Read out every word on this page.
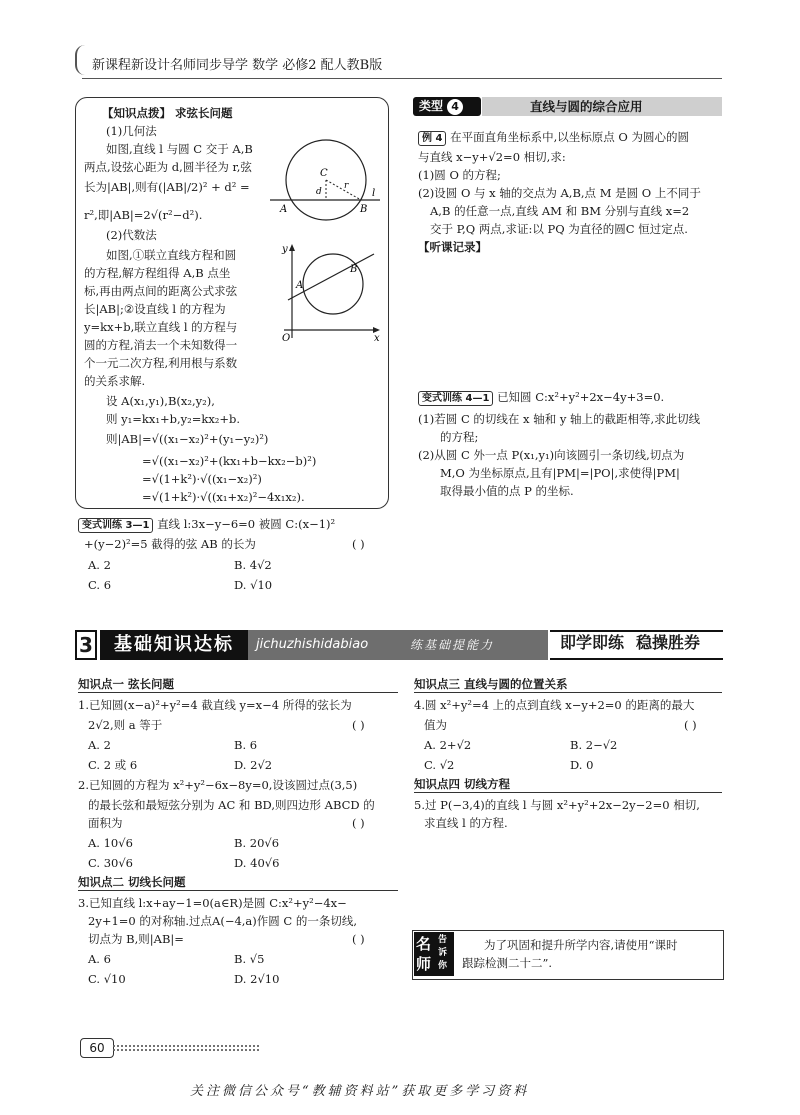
新课程新设计名师同步导学 数学 必修2 配人教B版
【知识点拨】 求弦长问题
(1)几何法
如图,直线 l 与圆 C 交于 A,B
两点,设弦心距为 d,圆半径为 r,弦
长为|AB|,则有(|AB|/2)² + d² =
r²,即|AB|=2√(r²−d²).
(2)代数法
如图,①联立直线方程和圆
的方程,解方程组得 A,B 点坐
标,再由两点间的距离公式求弦
长|AB|;②设直线 l 的方程为
y=kx+b,联立直线 l 的方程与
圆的方程,消去一个未知数得一
个一元二次方程,利用根与系数
的关系求解.
设 A(x₁,y₁),B(x₂,y₂),
则 y₁=kx₁+b,y₂=kx₂+b.
则|AB|=√((x₁−x₂)²+(y₁−y₂)²)
=√((x₁−x₂)²+(kx₁+b−kx₂−b)²)
=√(1+k²)·√((x₁−x₂)²)
=√(1+k²)·√((x₁+x₂)²−4x₁x₂).
C
d
r
A	B
l
y
A
B
O	x
变式训练 3—1 直线 l:3x−y−6=0 被圆 C:(x−1)²
+(y−2)²=5 截得的弦 AB 的长为	( )
A. 2	B. 4√2
C. 6	D. √10
类型 4	直线与圆的综合应用
例 4 在平面直角坐标系中,以坐标原点 O 为圆心的圆
与直线 x−y+√2=0 相切,求:
(1)圆 O 的方程;
(2)设圆 O 与 x 轴的交点为 A,B,点 M 是圆 O 上不同于
A,B 的任意一点,直线 AM 和 BM 分别与直线 x=2
交于 P,Q 两点,求证:以 PQ 为直径的圆C 恒过定点.
【听课记录】
变式训练 4—1 已知圆 C:x²+y²+2x−4y+3=0.
(1)若圆 C 的切线在 x 轴和 y 轴上的截距相等,求此切线
的方程;
(2)从圆 C 外一点 P(x₁,y₁)向该圆引一条切线,切点为
M,O 为坐标原点,且有|PM|=|PO|,求使得|PM|
取得最小值的点 P 的坐标.
3	基础知识达标	jichuzhishidabiao	练基础提能力	即学即练 稳操胜券
知识点一 弦长问题
1.已知圆(x−a)²+y²=4 截直线 y=x−4 所得的弦长为
2√2,则 a 等于	( )
A. 2	B. 6
C. 2 或 6	D. 2√2
2.已知圆的方程为 x²+y²−6x−8y=0,设该圆过点(3,5)
的最长弦和最短弦分别为 AC 和 BD,则四边形 ABCD 的
面积为	( )
A. 10√6	B. 20√6
C. 30√6	D. 40√6
知识点二 切线长问题
3.已知直线 l:x+ay−1=0(a∈R)是圆 C:x²+y²−4x−
2y+1=0 的对称轴.过点A(−4,a)作圆 C 的一条切线,
切点为 B,则|AB|=	( )
A. 6	B. √5
C. √10	D. 2√10
知识点三 直线与圆的位置关系
4.圆 x²+y²=4 上的点到直线 x−y+2=0 的距离的最大
值为	( )
A. 2+√2	B. 2−√2
C. √2	D. 0
知识点四 切线方程
5.过 P(−3,4)的直线 l 与圆 x²+y²+2x−2y−2=0 相切,
求直线 l 的方程.
名师
告诉你
为了巩固和提升所学内容,请使用“课时
跟踪检测二十二”.
60
关注微信公众号“教辅资料站”获取更多学习资料
